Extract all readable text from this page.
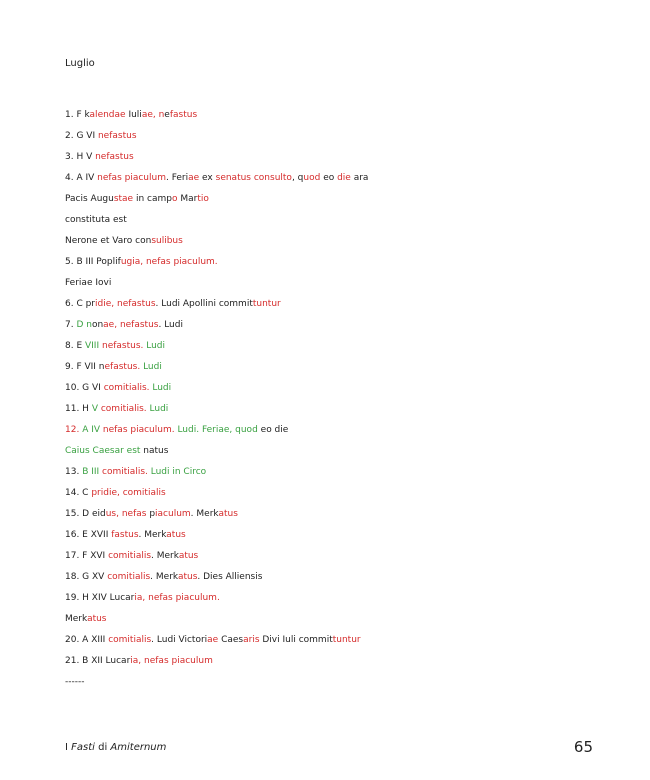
Luglio
1. F kalendae Iuliae, nefastus
2. G VI nefastus
3. H V nefastus
4. A IV nefas piaculum. Feriae ex senatus consulto, quod eo die ara
Pacis Augustae in campo Martio
constituta est
Nerone et Varo consulibus
5. B III Poplifugia, nefas piaculum.
Feriae Iovi
6. C pridie, nefastus. Ludi Apollini committuntur
7. D nonae, nefastus. Ludi
8. E VIII nefastus. Ludi
9. F VII nefastus. Ludi
10. G VI comitialis. Ludi
11. H V comitialis. Ludi
12. A IV nefas piaculum. Ludi. Feriae, quod eo die
Caius Caesar est natus
13. B III comitialis. Ludi in Circo
14. C pridie, comitialis
15. D eidus, nefas piaculum. Merkatus
16. E XVII fastus. Merkatus
17. F XVI comitialis. Merkatus
18. G XV comitialis. Merkatus. Dies Alliensis
19. H XIV Lucaria, nefas piaculum.
Merkatus
20. A XIII comitialis. Ludi Victoriae Caesaris Divi Iuli committuntur
21. B XII Lucaria, nefas piaculum
------
I Fasti di Amiternum	65
